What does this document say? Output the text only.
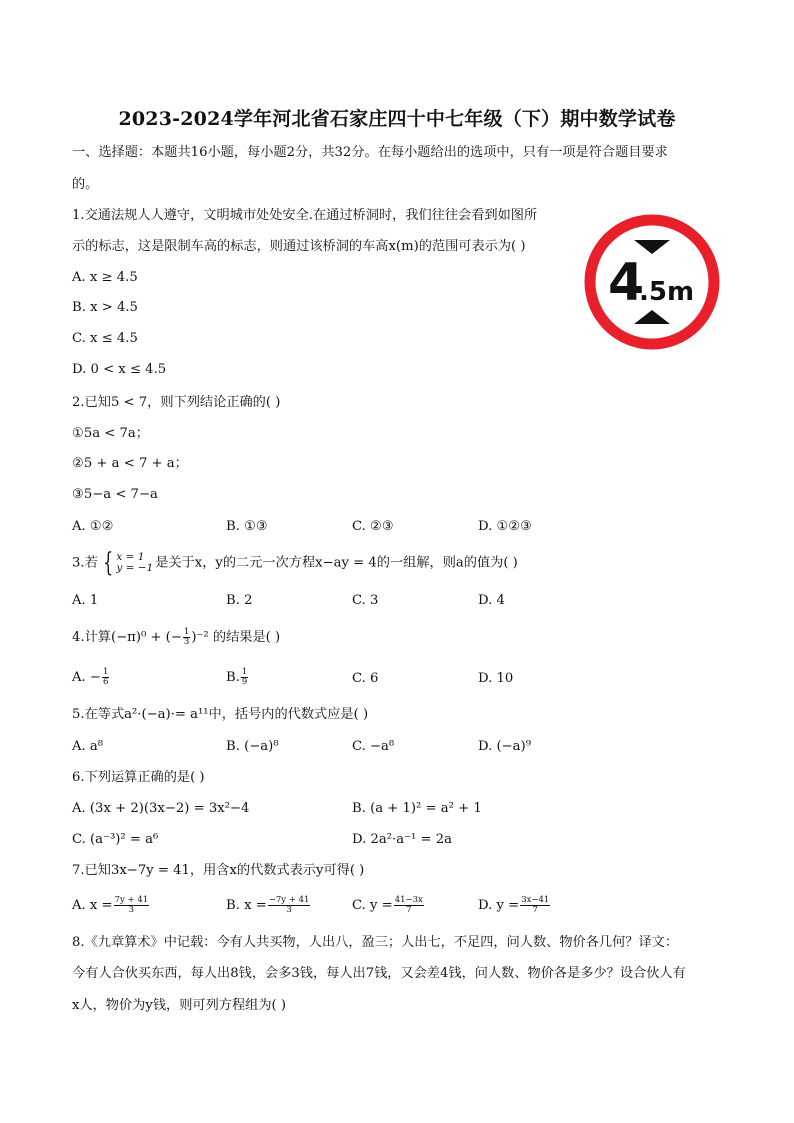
2023-2024学年河北省石家庄四十中七年级（下）期中数学试卷
一、选择题：本题共16小题，每小题2分，共32分。在每小题给出的选项中，只有一项是符合题目要求
的。
1.交通法规人人遵守，文明城市处处安全.在通过桥洞时，我们往往会看到如图所
示的标志，这是限制车高的标志，则通过该桥洞的车高x(m)的范围可表示为( )
A. x ≥ 4.5
B. x > 4.5
C. x ≤ 4.5
D. 0 < x ≤ 4.5
4
.5m
2.已知5 < 7，则下列结论正确的( )
①5a < 7a；
②5 + a < 7 + a；
③5−a < 7−a
A. ①②	B. ①③	C. ②③	D. ①②③
3.若 { x = 1
y = −1 是关于x，y的二元一次方程x−ay = 4的一组解，则a的值为( )
A. 1	B. 2	C. 3	D. 4
4.计算(−π)⁰ + (− $\frac{1}{3} )^{-2}$ 的结果是( )
A. − $\frac{1}{6}$	B. $\frac{1}{9}$	C. 6	D. 10
5.在等式a²·(−a)·= a¹¹中，括号内的代数式应是( )
A. a⁸	B. (−a)⁸	C. −a⁸	D. (−a)⁹
6.下列运算正确的是( )
A. (3x + 2)(3x−2) = 3x²−4	B. (a + 1)² = a² + 1
C. (a⁻³)² = a⁶	D. 2a²·a⁻¹ = 2a
7.已知3x−7y = 41，用含x的代数式表示y可得( )
A. $x = \frac{7y + 41}{3}$	B. $x = \frac{-7y + 41}{3}$	C. $y = \frac{41-3x}{7}$	D. $y = \frac{3x-41}{7}$
8.《九章算术》中记载：今有人共买物，人出八，盈三；人出七，不足四，问人数、物价各几何？译文：
今有人合伙买东西，每人出8钱，会多3钱，每人出7钱，又会差4钱，问人数、物价各是多少？设合伙人有
x人，物价为y钱，则可列方程组为( )
